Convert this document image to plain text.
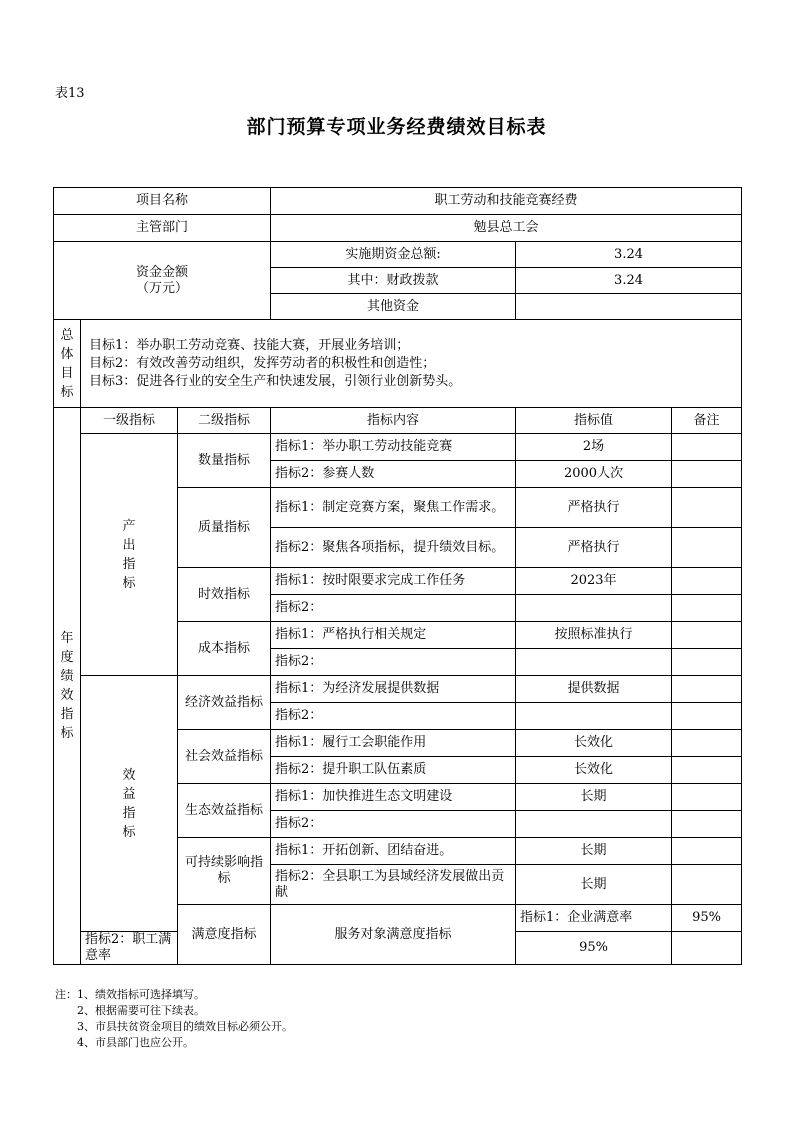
表13
部门预算专项业务经费绩效目标表
项目名称			职工劳动和技能竞赛经费			
主管部门			勉县总工会			

资金金额
（万元）			实施期资金总额:	3.24		
			其中：财政拨款	3.24		
			其他资金			

总体目标	目标1：举办职工劳动竞赛、技能大赛，开展业务培训；
目标2：有效改善劳动组织，发挥劳动者的积极性和创造性；
目标3：促进各行业的安全生产和快速发展，引领行业创新势头。					

年度绩效指标	一级指标	二级指标	指标内容	指标值	备注	

	产出指标	数量指标	指标1：举办职工劳动技能竞赛	2场		
			指标2：参赛人数	2000人次		
		质量指标	指标1：制定竞赛方案，聚焦工作需求。	严格执行		
			指标2：聚焦各项指标，提升绩效目标。	严格执行		
		时效指标	指标1：按时限要求完成工作任务	2023年		
			指标2：			
		成本指标	指标1：严格执行相关规定	按照标准执行		
			指标2：			

	效益指标	经济效益指标	指标1：为经济发展提供数据	提供数据		
			指标2：			
		社会效益指标	指标1：履行工会职能作用	长效化		
			指标2：提升职工队伍素质	长效化		
		生态效益指标	指标1：加快推进生态文明建设	长期		
			指标2：			
		可持续影响指标	指标1：开拓创新、团结奋进。	长期		
			指标2：全县职工为县域经济发展做出贡献	长期		
		满意度指标	服务对象满意度指标	指标1：企业满意率	95%	
	指标2：职工满意率			95%		
注：1、绩效指标可选择填写。
2、根据需要可往下续表。
3、市县扶贫资金项目的绩效目标必须公开。
4、市县部门也应公开。
